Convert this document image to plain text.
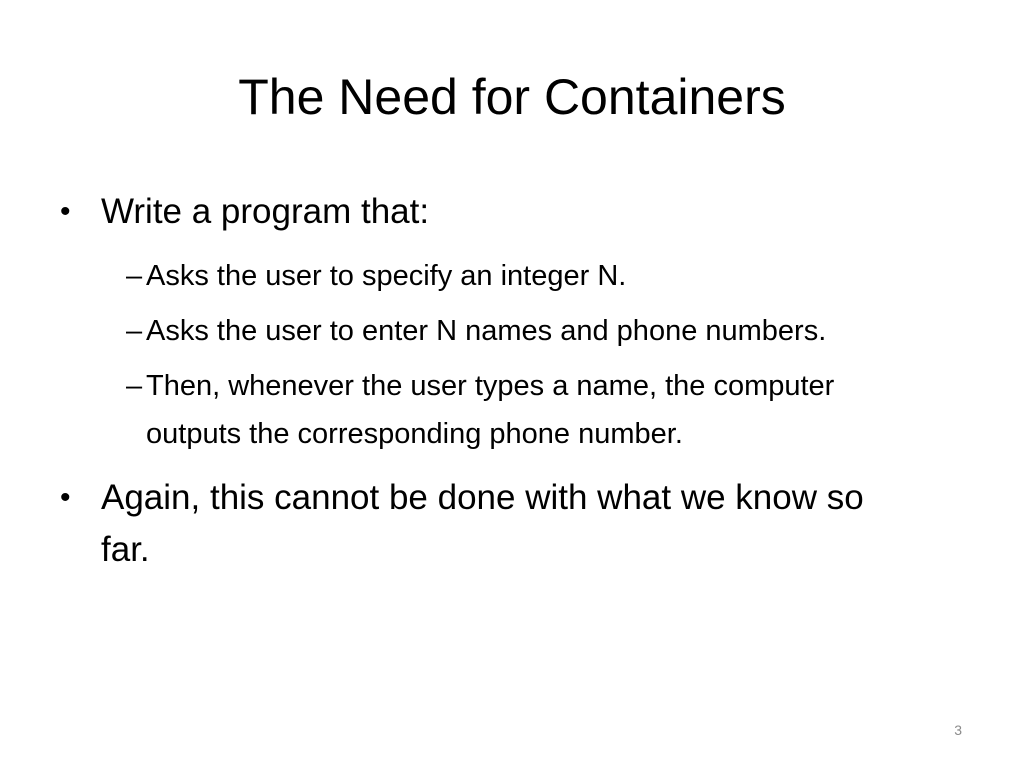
The Need for Containers
• Write a program that:
– Asks the user to specify an integer N.
– Asks the user to enter N names and phone numbers.
– Then, whenever the user types a name, the computer outputs the corresponding phone number.
• Again, this cannot be done with what we know so far.
3
